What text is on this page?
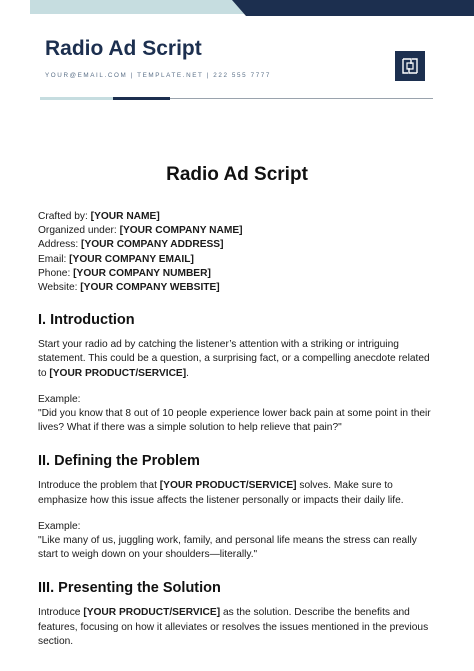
Radio Ad Script
YOUR@EMAIL.COM | TEMPLATE.NET | 222 555 7777
Radio Ad Script
Crafted by: [YOUR NAME]
Organized under: [YOUR COMPANY NAME]
Address: [YOUR COMPANY ADDRESS]
Email: [YOUR COMPANY EMAIL]
Phone: [YOUR COMPANY NUMBER]
Website: [YOUR COMPANY WEBSITE]
I. Introduction
Start your radio ad by catching the listener’s attention with a striking or intriguing statement. This could be a question, a surprising fact, or a compelling anecdote related to [YOUR PRODUCT/SERVICE].
Example:
"Did you know that 8 out of 10 people experience lower back pain at some point in their lives? What if there was a simple solution to help relieve that pain?"
II. Defining the Problem
Introduce the problem that [YOUR PRODUCT/SERVICE] solves. Make sure to emphasize how this issue affects the listener personally or impacts their daily life.
Example:
"Like many of us, juggling work, family, and personal life means the stress can really start to weigh down on your shoulders—literally."
III. Presenting the Solution
Introduce [YOUR PRODUCT/SERVICE] as the solution. Describe the benefits and features, focusing on how it alleviates or resolves the issues mentioned in the previous section.
